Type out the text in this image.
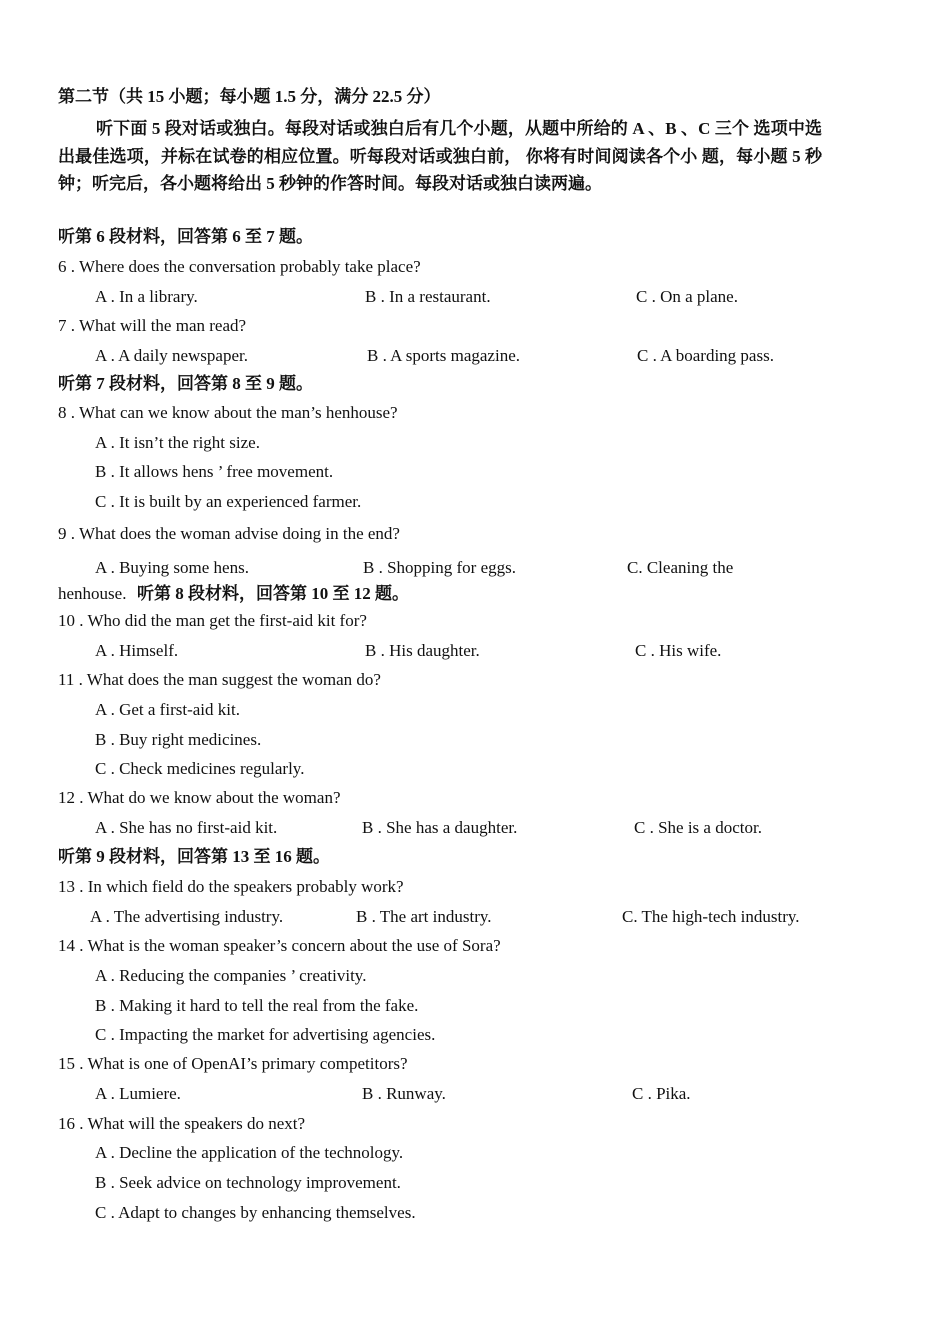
第二节（共 15 小题；每小题 1.5 分，满分 22.5 分）
听下面 5 段对话或独白。每段对话或独白后有几个小题，从题中所给的 A 、B 、C 三个 选项中选出最佳选项，并标在试卷的相应位置。听每段对话或独白前， 你将有时间阅读各个小 题，每小题 5 秒钟；听完后，各小题将给出 5 秒钟的作答时间。每段对话或独白读两遍。
听第 6 段材料，回答第 6 至 7 题。
6 . Where does the conversation probably take place?
A . In a library.	B . In a restaurant.	C . On a plane.
7 . What will the man read?
A . A daily newspaper.	B . A sports magazine.	C . A boarding pass.
听第 7 段材料，回答第 8 至 9 题。
8 . What can we know about the man’s henhouse?
A . It isn’t the right size.
B . It allows hens ’ free movement.
C . It is built by an experienced farmer.
9 . What does the woman advise doing in the end?
A . Buying some hens.	B . Shopping for eggs.	C. Cleaning the
henhouse. 听第 8 段材料，回答第 10 至 12 题。
10 . Who did the man get the first-aid kit for?
A . Himself.	B . His daughter.	C . His wife.
11 . What does the man suggest the woman do?
A . Get a first-aid kit.
B . Buy right medicines.
C . Check medicines regularly.
12 . What do we know about the woman?
A . She has no first-aid kit.	B . She has a daughter.	C . She is a doctor.
听第 9 段材料，回答第 13 至 16 题。
13 . In which field do the speakers probably work?
A . The advertising industry.	B . The art industry.	C. The high-tech industry.
14 . What is the woman speaker’s concern about the use of Sora?
A . Reducing the companies ’ creativity.
B . Making it hard to tell the real from the fake.
C . Impacting the market for advertising agencies.
15 . What is one of OpenAI’s primary competitors?
A . Lumiere.	B . Runway.	C . Pika.
16 . What will the speakers do next?
A . Decline the application of the technology.
B . Seek advice on technology improvement.
C . Adapt to changes by enhancing themselves.
